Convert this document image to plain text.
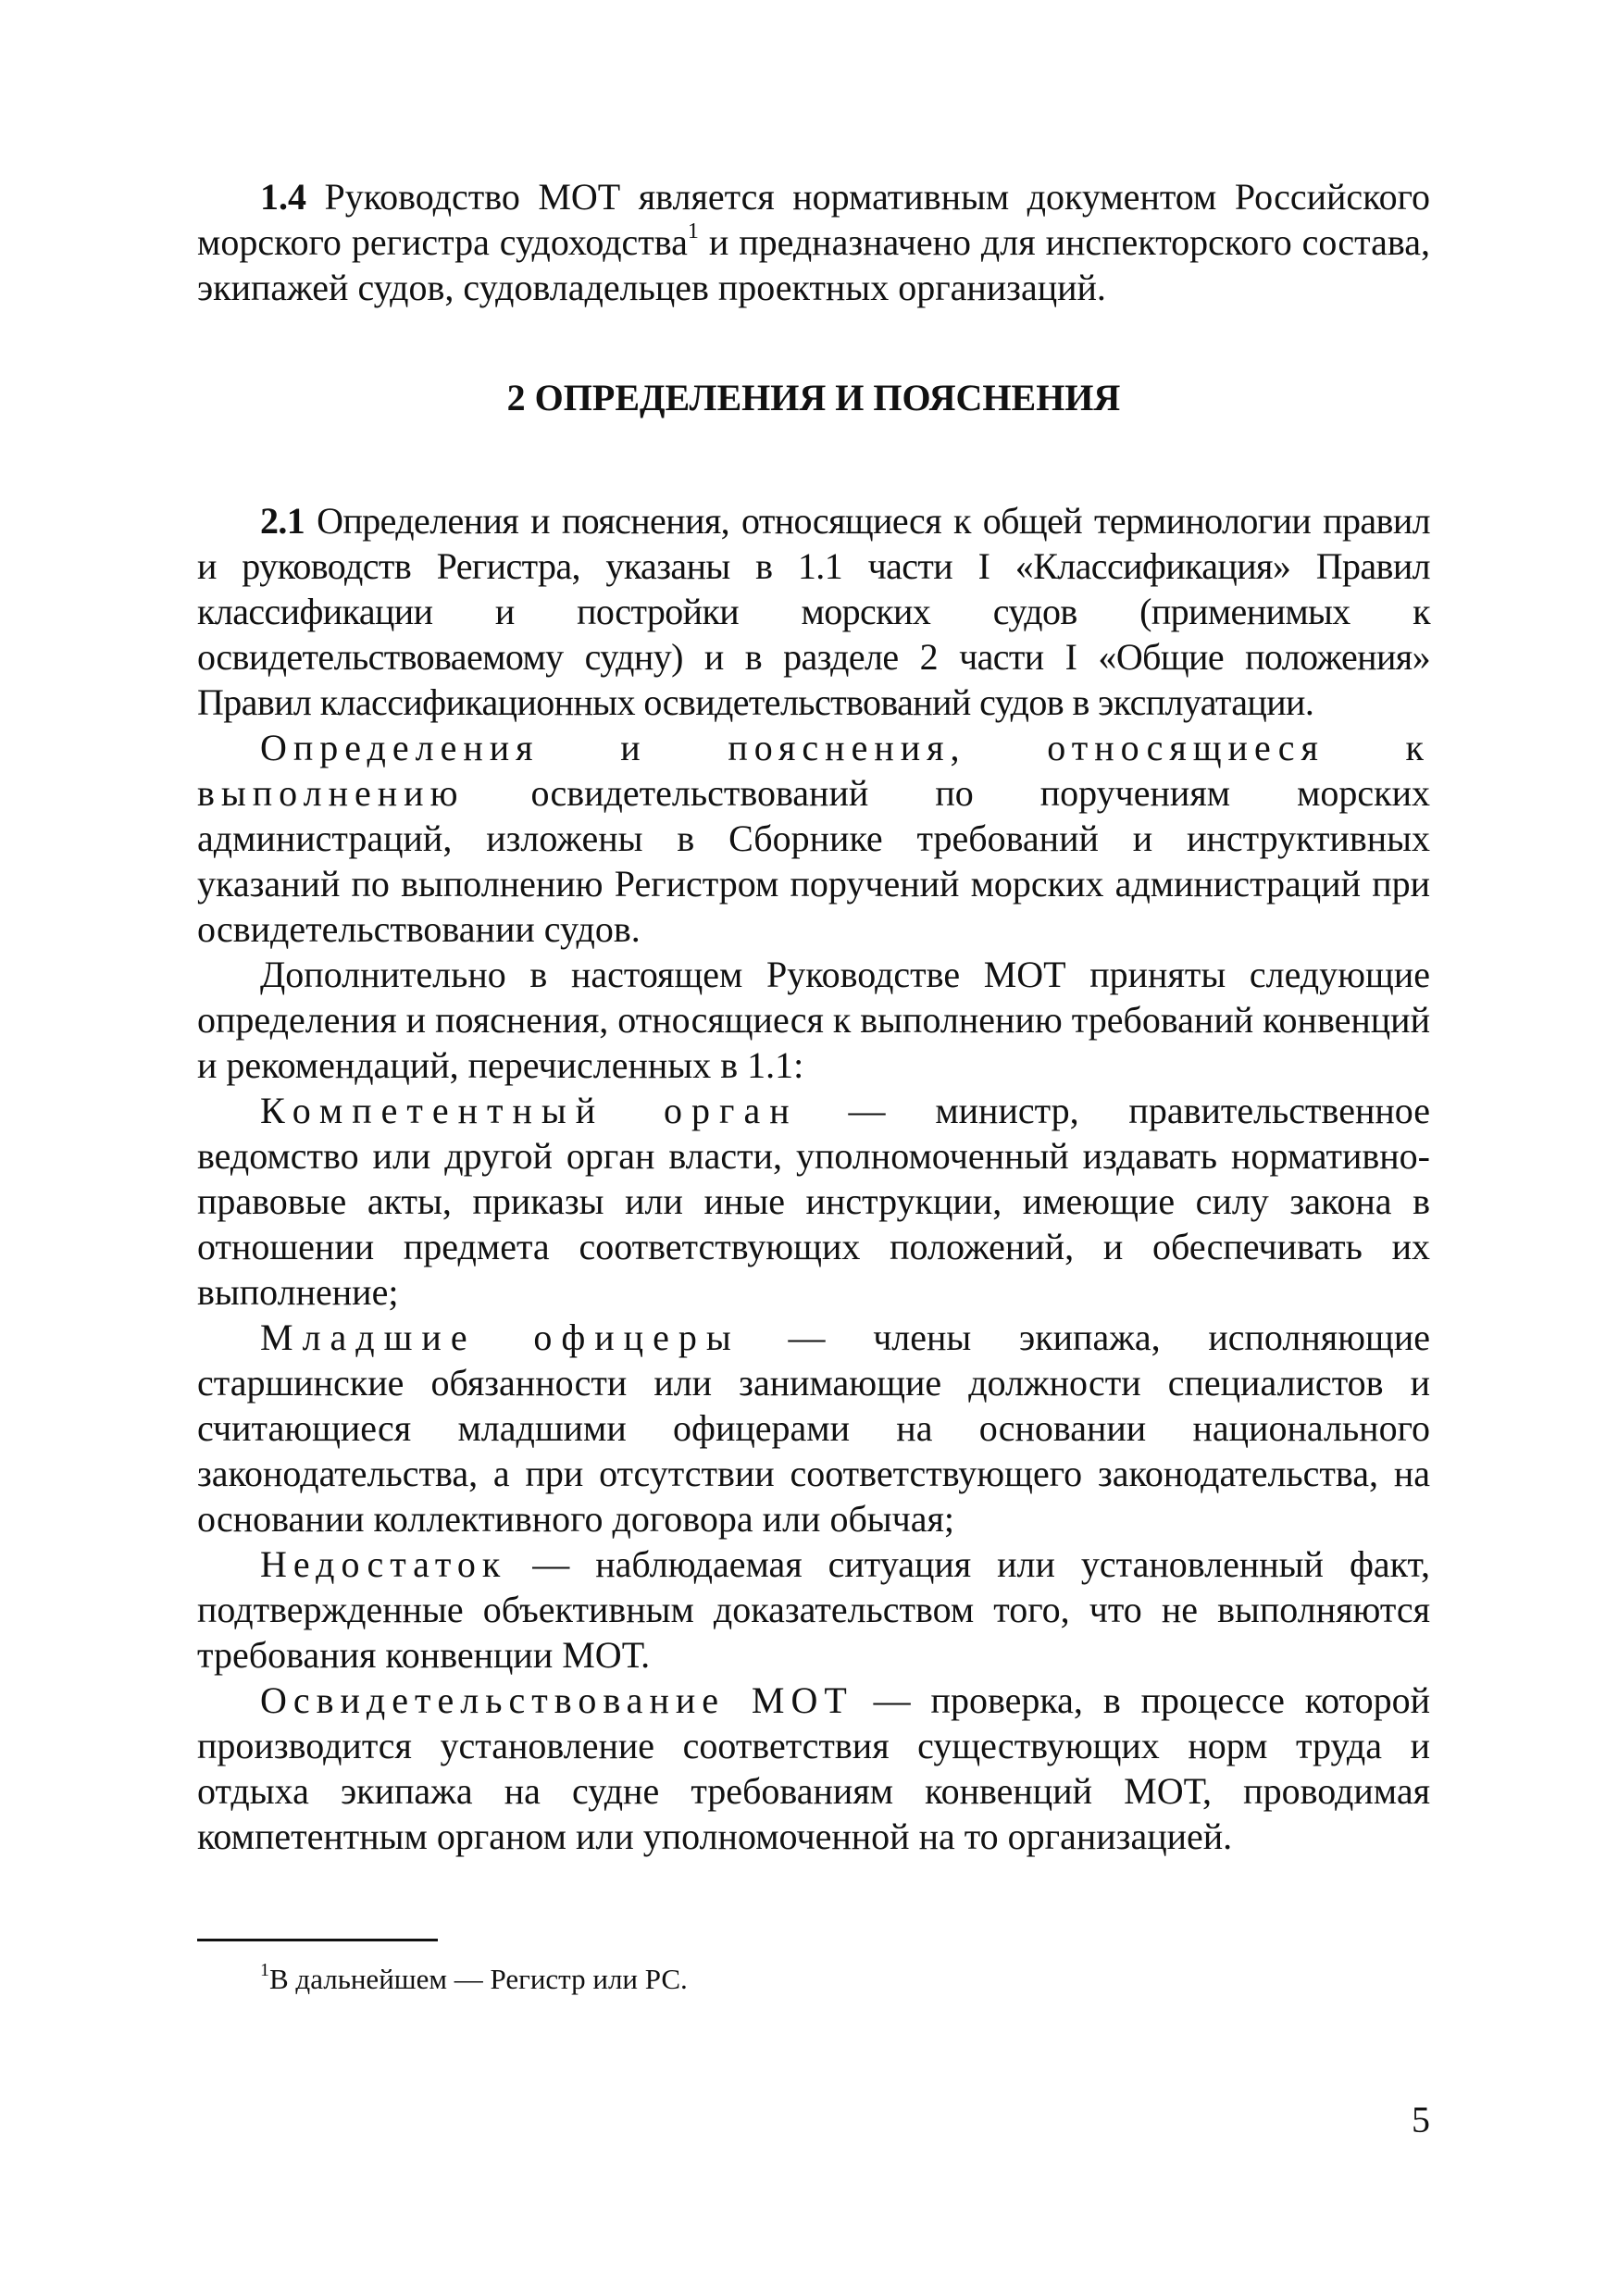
1.4 Руководство МОТ является нормативным документом Российского морского регистра судоходства$^1$ и предназначено для инспекторского состава, экипажей судов, судовладельцев проектных организаций.

2 ОПРЕДЕЛЕНИЯ И ПОЯСНЕНИЯ

2.1 Определения и пояснения, относящиеся к общей терминологии правил и руководств Регистра, указаны в 1.1 части I «Классификация» Правил классификации и постройки морских судов (применимых к освидетельствоваемому судну) и в разделе 2 части I «Общие положения» Правил классификационных освидетельствований судов в эксплуатации.

Определения и пояснения, относящиеся к выполнению освидетельствований по поручениям морских администраций, изложены в Сборнике требований и инструктивных указаний по выполнению Регистром поручений морских администраций при освидетельствовании судов.

Дополнительно в настоящем Руководстве МОТ приняты следующие определения и пояснения, относящиеся к выполнению требований конвенций и рекомендаций, перечисленных в 1.1:

Компетентный орган — министр, правительственное ведомство или другой орган власти, уполномоченный издавать нормативно-правовые акты, приказы или иные инструкции, имеющие силу закона в отношении предмета соответствующих положений, и обеспечивать их выполнение;

Младшие офицеры — члены экипажа, исполняющие старшинские обязанности или занимающие должности специалистов и считающиеся младшими офицерами на основании национального законодательства, а при отсутствии соответствующего законодательства, на основании коллективного договора или обычая;

Недостаток — наблюдаемая ситуация или установленный факт, подтвержденные объективным доказательством того, что не выполняются требования конвенции МОТ.

Освидетельствование МОТ — проверка, в процессе которой производится установление соответствия существующих норм труда и отдыха экипажа на судне требованиям конвенций МОТ, проводимая компетентным органом или уполномоченной на то организацией.

$^1$В дальнейшем — Регистр или РС.
5
